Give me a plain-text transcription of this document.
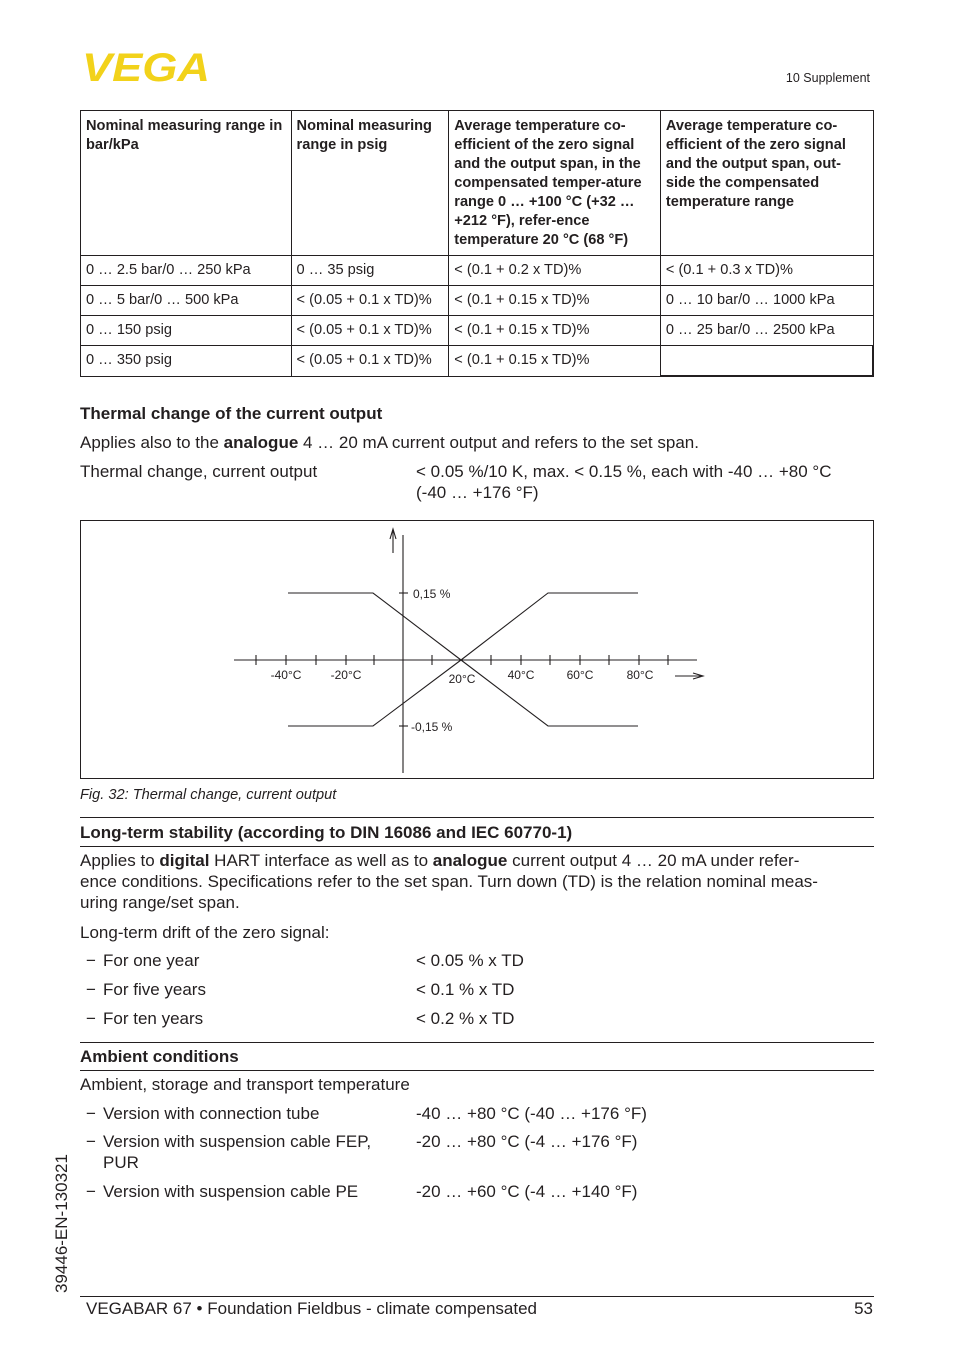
VEGA	10 Supplement
Nominal measuring range in bar/kPa	Nominal measuring range in psig	Average temperature co-efficient of the zero signal and the output span, in the compensated temper-ature range 0 … +100 °C (+32 … +212 °F), refer-ence temperature 20 °C (68 °F)	Average temperature co-efficient of the zero signal and the output span, out-side the compensated temperature range
0 … 2.5 bar/0 … 250 kPa	0 … 35 psig	< (0.1 + 0.2 x TD)%	< (0.1 + 0.3 x TD)%
0 … 5 bar/0 … 500 kPa	< (0.05 + 0.1 x TD)%	< (0.1 + 0.15 x TD)%	0 … 10 bar/0 … 1000 kPa
0 … 150 psig	< (0.05 + 0.1 x TD)%	< (0.1 + 0.15 x TD)%	0 … 25 bar/0 … 2500 kPa
0 … 350 psig	< (0.05 + 0.1 x TD)%	< (0.1 + 0.15 x TD)%	
Thermal change of the current output
Applies also to the analogue 4 … 20 mA current output and refers to the set span.
Thermal change, current output	< 0.05 %/10 K, max. < 0.15 %, each with -40 … +80 °C
(-40 … +176 °F)
0,15 %
-0,15 %
-40°C -20°C	20°C	40°C	60°C	80°C
Fig. 32: Thermal change, current output
Long-term stability (according to DIN 16086 and IEC 60770-1)
Applies to digital HART interface as well as to analogue current output 4 … 20 mA under refer-
ence conditions. Specifications refer to the set span. Turn down (TD) is the relation nominal meas-
uring range/set span.
Long-term drift of the zero signal:
− For one year	< 0.05 % x TD
− For five years	< 0.1 % x TD
− For ten years	< 0.2 % x TD
Ambient conditions
Ambient, storage and transport temperature
− Version with connection tube	-40 … +80 °C (-40 … +176 °F)
− Version with suspension cable FEP,
PUR
-20 … +80 °C (-4 … +176 °F)
− Version with suspension cable PE	-20 … +60 °C (-4 … +140 °F)
39446-EN-130321
VEGABAR 67 • Foundation Fieldbus - climate compensated	53
